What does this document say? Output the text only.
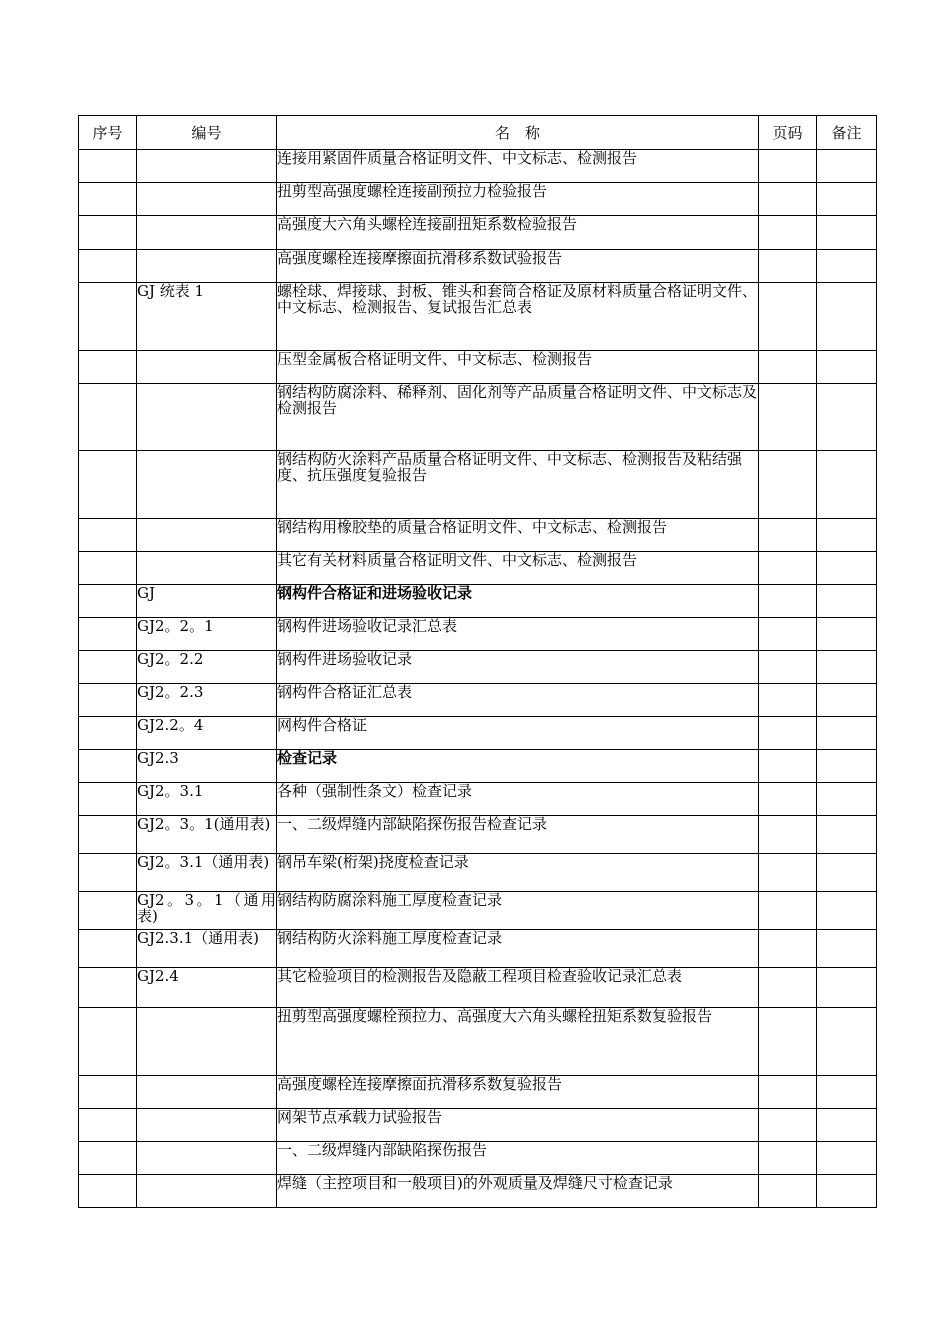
序号	编号	名　称	页码	备注
		连接用紧固件质量合格证明文件、中文标志、检测报告		
		扭剪型高强度螺栓连接副预拉力检验报告		
		高强度大六角头螺栓连接副扭矩系数检验报告		
		高强度螺栓连接摩擦面抗滑移系数试验报告		
	GJ 统表 1	螺栓球、焊接球、封板、锥头和套筒合格证及原材料质量合格证明文件、中文标志、检测报告、复试报告汇总表		
		压型金属板合格证明文件、中文标志、检测报告		
		钢结构防腐涂料、稀释剂、固化剂等产品质量合格证明文件、中文标志及检测报告		
		钢结构防火涂料产品质量合格证明文件、中文标志、检测报告及粘结强度、抗压强度复验报告		
		钢结构用橡胶垫的质量合格证明文件、中文标志、检测报告		
		其它有关材料质量合格证明文件、中文标志、检测报告		
	GJ	钢构件合格证和进场验收记录		
	GJ2。2。1	钢构件进场验收记录汇总表		
	GJ2。2.2	钢构件进场验收记录		
	GJ2。2.3	钢构件合格证汇总表		
	GJ2.2。4	网构件合格证		
	GJ2.3	检查记录		
	GJ2。3.1	各种（强制性条文）检查记录		
	GJ2。3。1(通用表)	一、二级焊缝内部缺陷探伤报告检查记录		
	GJ2。3.1（通用表)	钢吊车梁(桁架)挠度检查记录		
	GJ2。3。1（通用表)	钢结构防腐涂料施工厚度检查记录		
	GJ2.3.1（通用表)	钢结构防火涂料施工厚度检查记录		
	GJ2.4	其它检验项目的检测报告及隐蔽工程项目检查验收记录汇总表		
		扭剪型高强度螺栓预拉力、高强度大六角头螺栓扭矩系数复验报告		
		高强度螺栓连接摩擦面抗滑移系数复验报告		
		网架节点承载力试验报告		
		一、二级焊缝内部缺陷探伤报告		
		焊缝（主控项目和一般项目)的外观质量及焊缝尺寸检查记录		
